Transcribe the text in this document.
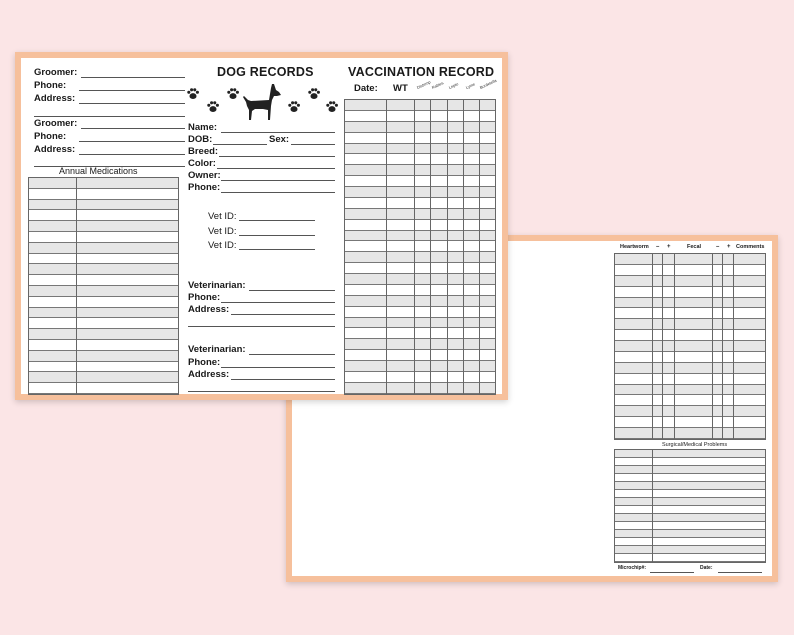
Heartworm – +	Fecal – + Comments
Surgical/Medical Problems
Microchip#:	Date:
Groomer:
Phone:
Address:
Groomer:
Phone:
Address:
Annual Medications
DOG RECORDS
Name:
DOB:	Sex:
Breed:
Color:
Owner:
Phone:
Vet ID:
Vet ID:
Vet ID:
Veterinarian:
Phone:
Address:
Veterinarian:
Phone:
Address:
VACCINATION RECORD
Date: WT Distemp Rabies Lepto Lyme Bordetella
